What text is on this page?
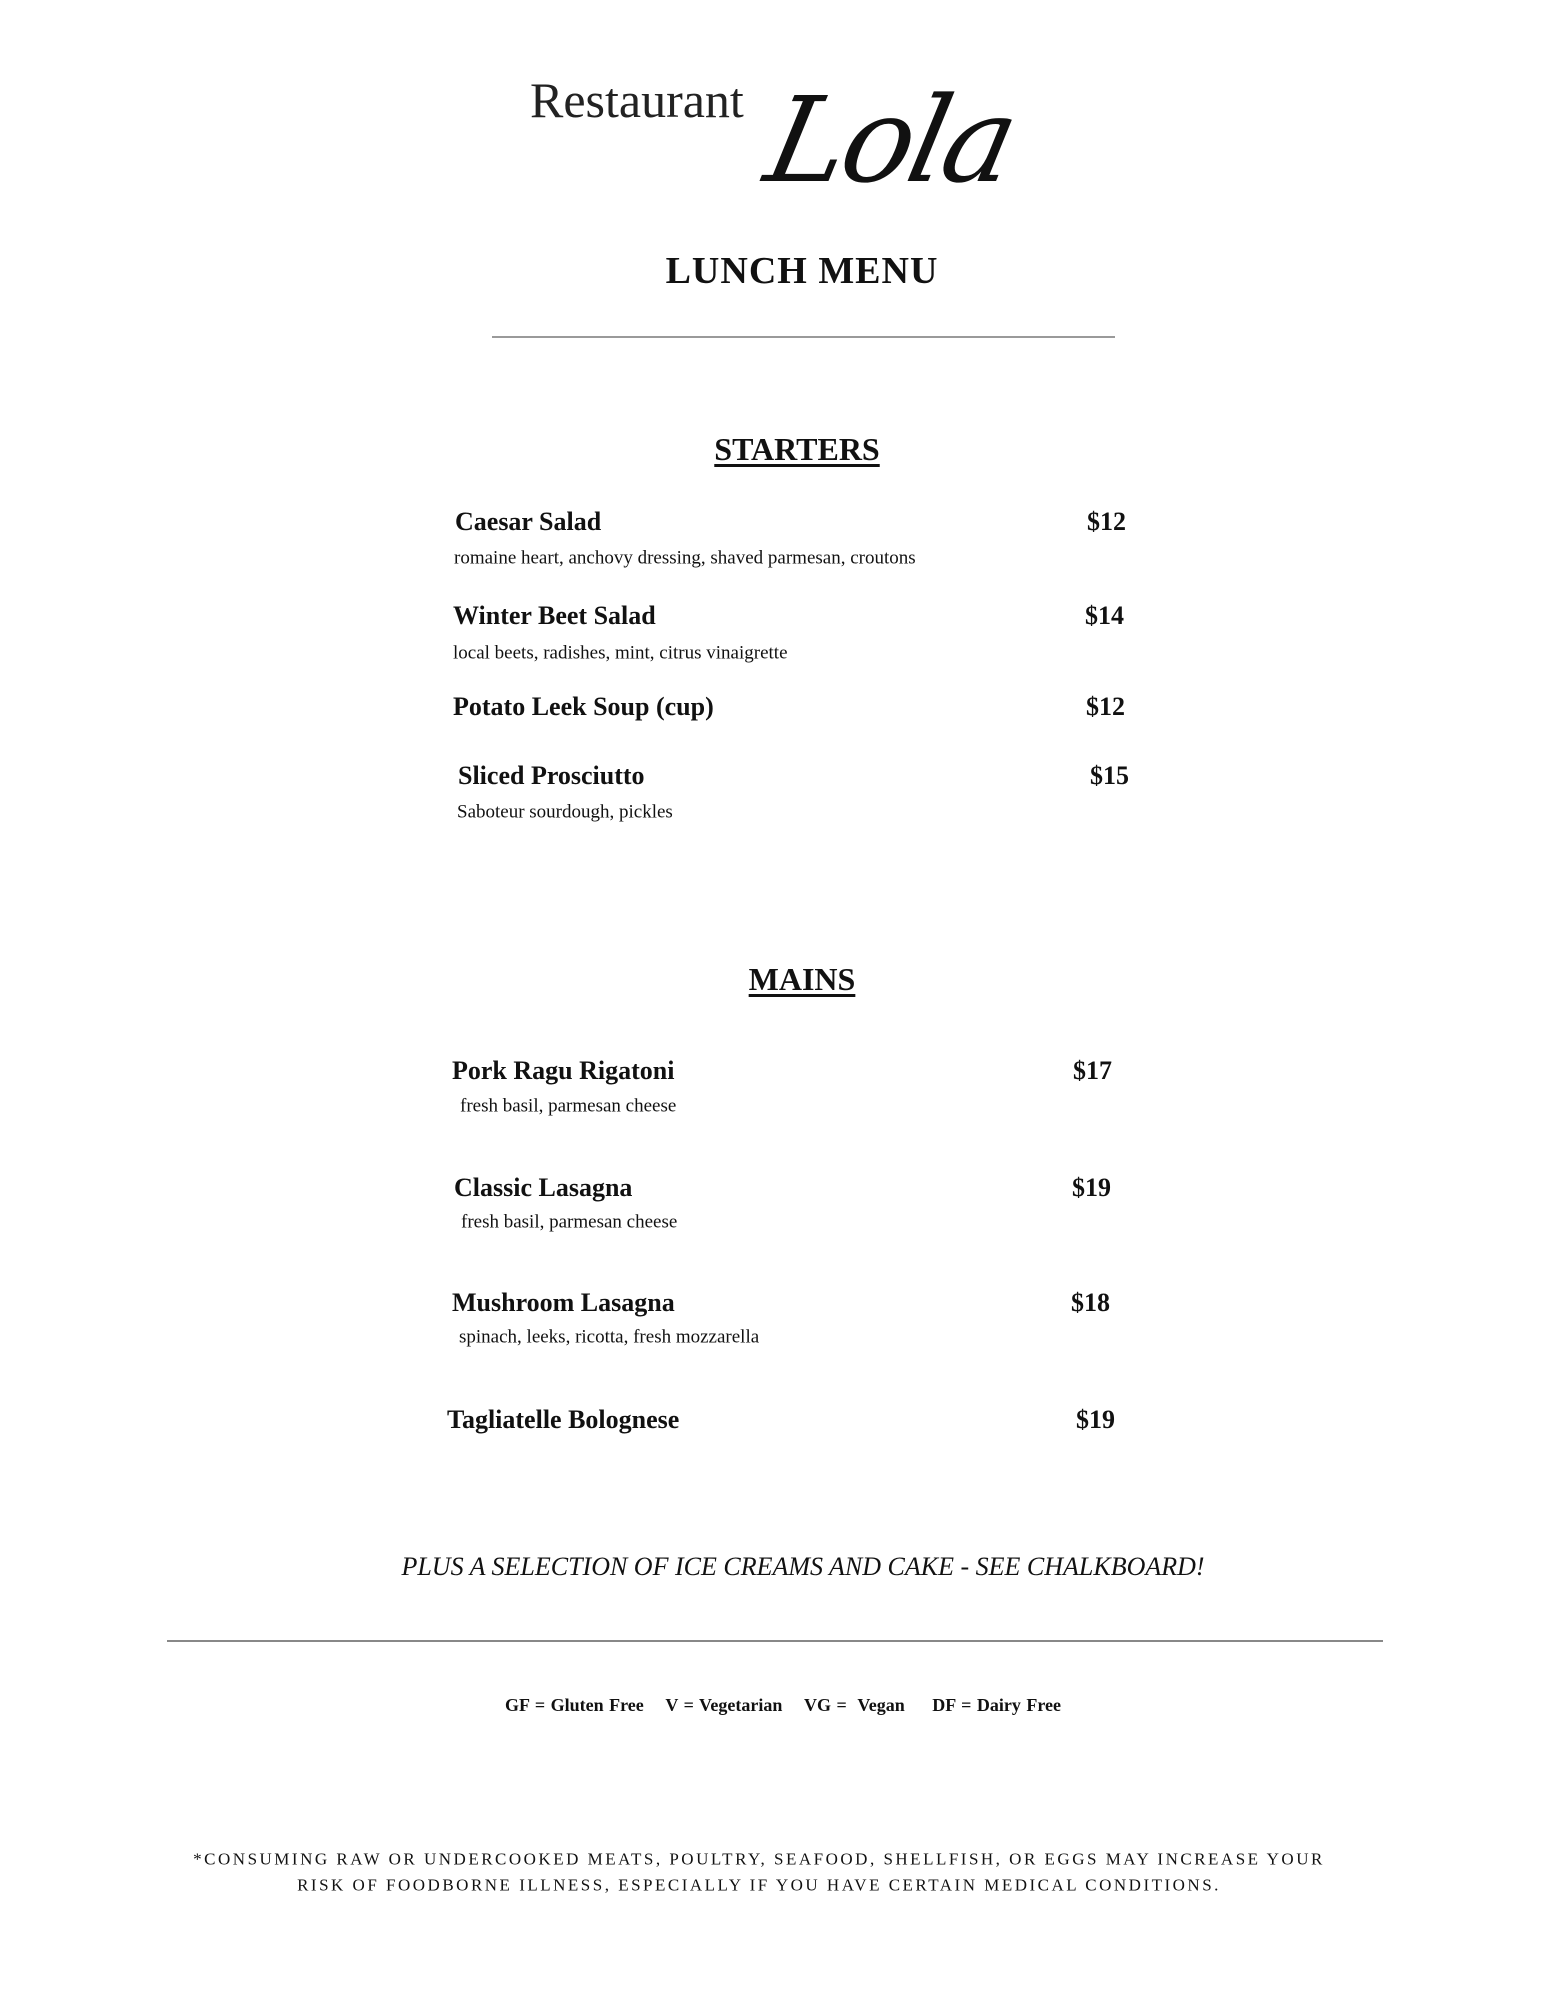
Restaurant Lola
LUNCH MENU
STARTERS
Caesar Salad	$12
romaine heart, anchovy dressing, shaved parmesan, croutons
Winter Beet Salad	$14
local beets, radishes, mint, citrus vinaigrette
Potato Leek Soup (cup)	$12
Sliced Prosciutto	$15
Saboteur sourdough, pickles
MAINS
Pork Ragu Rigatoni	$17
fresh basil, parmesan cheese
Classic Lasagna	$19
fresh basil, parmesan cheese
Mushroom Lasagna	$18
spinach, leeks, ricotta, fresh mozzarella
Tagliatelle Bolognese	$19
PLUS A SELECTION OF ICE CREAMS AND CAKE - SEE CHALKBOARD!
GF = Gluten Free    V = Vegetarian    VG =  Vegan     DF = Dairy Free
*CONSUMING RAW OR UNDERCOOKED MEATS, POULTRY, SEAFOOD, SHELLFISH, OR EGGS MAY INCREASE YOUR
RISK OF FOODBORNE ILLNESS, ESPECIALLY IF YOU HAVE CERTAIN MEDICAL CONDITIONS.
